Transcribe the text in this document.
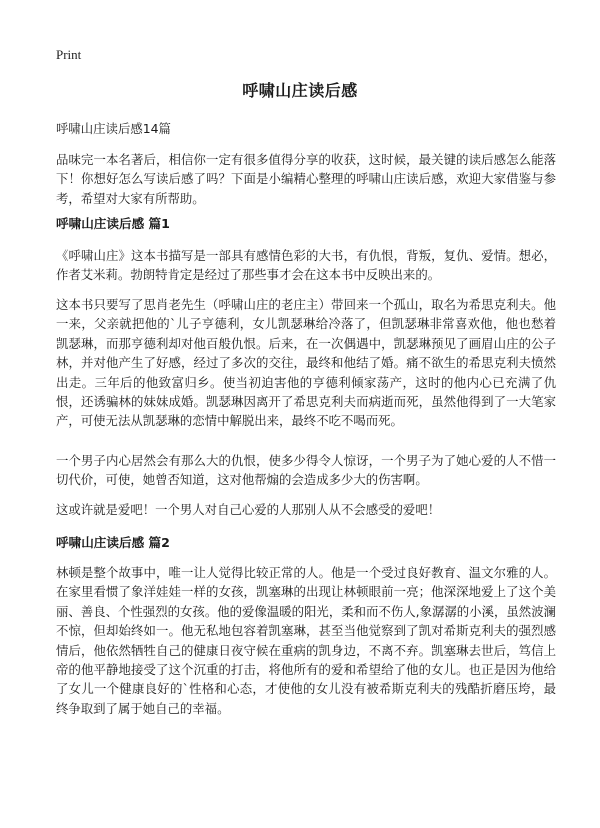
Print
呼啸山庄读后感
呼啸山庄读后感14篇
品味完一本名著后，相信你一定有很多值得分享的收获，这时候，最关键的读后感怎么能落下！你想好怎么写读后感了吗？下面是小编精心整理的呼啸山庄读后感，欢迎大家借鉴与参考，希望对大家有所帮助。
呼啸山庄读后感 篇1
《呼啸山庄》这本书描写是一部具有感情色彩的大书，有仇恨，背叛，复仇、爱情。想必，作者艾米莉。勃朗特肯定是经过了那些事才会在这本书中反映出来的。
这本书只要写了思肖老先生（呼啸山庄的老庄主）带回来一个孤山，取名为希思克利夫。他一来，父亲就把他的`儿子亨德利，女儿凯瑟琳给冷落了，但凯瑟琳非常喜欢他，他也愁着凯瑟琳，而那亨德利却对他百般仇恨。后来，在一次偶遇中，凯瑟琳预见了画眉山庄的公子林，并对他产生了好感，经过了多次的交往，最终和他结了婚。痛不欲生的希思克利夫愤然出走。三年后的他致富归乡。使当初迫害他的亨德利倾家荡产，这时的他内心已充满了仇恨，还诱骗林的妹妹成婚。凯瑟琳因离开了希思克利夫而病逝而死，虽然他得到了一大笔家产，可使无法从凯瑟琳的恋情中解脱出来，最终不吃不喝而死。
一个男子内心居然会有那么大的仇恨，使多少得令人惊讶，一个男子为了她心爱的人不惜一切代价，可使，她曾否知道，这对他帮煽的会造成多少大的伤害啊。
这或许就是爱吧！一个男人对自己心爱的人那别人从不会感受的爱吧！
呼啸山庄读后感 篇2
林顿是整个故事中，唯一让人觉得比较正常的人。他是一个受过良好教育、温文尔雅的人。在家里看惯了象洋娃娃一样的女孩，凯塞琳的出现让林顿眼前一亮；他深深地爱上了这个美丽、善良、个性强烈的女孩。他的爱像温暖的阳光，柔和而不伤人,象潺潺的小溪，虽然波澜不惊，但却始终如一。他无私地包容着凯塞琳，甚至当他觉察到了凯对希斯克利夫的强烈感情后，他依然牺牲自己的健康日夜守候在重病的凯身边，不离不弃。凯塞琳去世后，笃信上帝的他平静地接受了这个沉重的打击，将他所有的爱和希望给了他的女儿。也正是因为他给了女儿一个健康良好的`性格和心态，才使他的女儿没有被希斯克利夫的残酷折磨压垮，最终争取到了属于她自己的幸福。
